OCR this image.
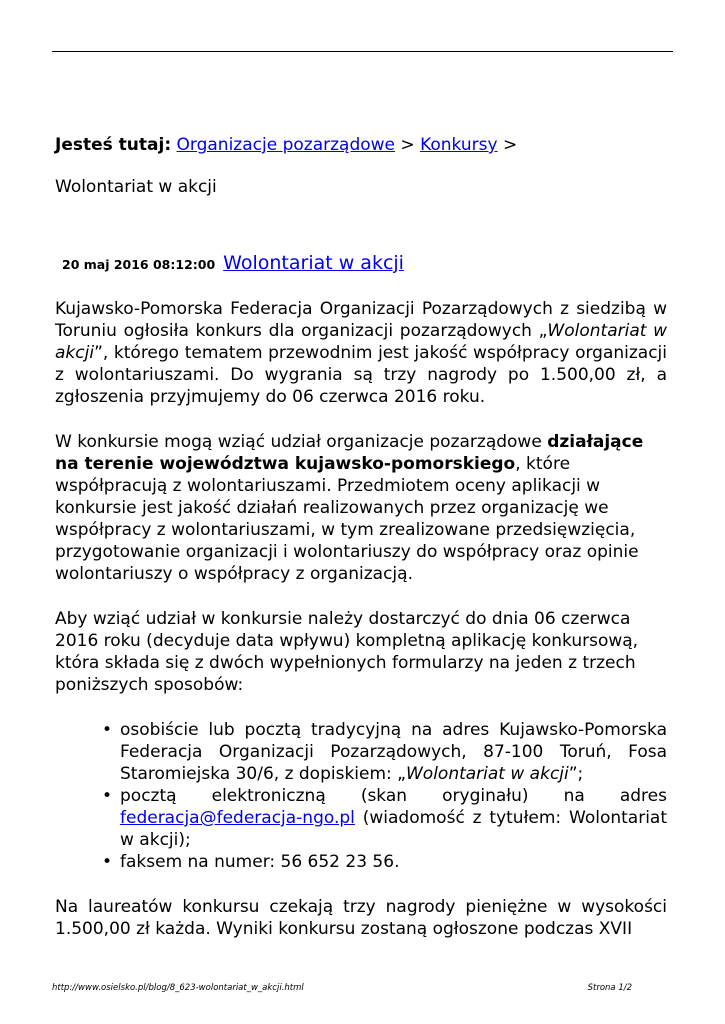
Jesteś tutaj: Organizacje pozarządowe > Konkursy >

Wolontariat w akcji
20 maj 2016 08:12:00 Wolontariat w akcji

Kujawsko-Pomorska Federacja Organizacji Pozarządowych z siedzibą w Toruniu ogłosiła konkurs dla organizacji pozarządowych „Wolontariat w akcji”, którego tematem przewodnim jest jakość współpracy organizacji z wolontariuszami. Do wygrania są trzy nagrody po 1.500,00 zł, a zgłoszenia przyjmujemy do 06 czerwca 2016 roku.

W konkursie mogą wziąć udział organizacje pozarządowe działające na terenie województwa kujawsko-pomorskiego, które współpracują z wolontariuszami. Przedmiotem oceny aplikacji w konkursie jest jakość działań realizowanych przez organizację we współpracy z wolontariuszami, w tym zrealizowane przedsięwzięcia, przygotowanie organizacji i wolontariuszy do współpracy oraz opinie wolontariuszy o współpracy z organizacją.

Aby wziąć udział w konkursie należy dostarczyć do dnia 06 czerwca 2016 roku (decyduje data wpływu) kompletną aplikację konkursową, która składa się z dwóch wypełnionych formularzy na jeden z trzech poniższych sposobów:

• osobiście lub pocztą tradycyjną na adres Kujawsko-Pomorska Federacja Organizacji Pozarządowych, 87-100 Toruń, Fosa Staromiejska 30/6, z dopiskiem: „Wolontariat w akcji”;
• pocztą elektroniczną (skan oryginału) na adres federacja@federacja-ngo.pl (wiadomość z tytułem: Wolontariat w akcji);
• faksem na numer: 56 652 23 56.

Na laureatów konkursu czekają trzy nagrody pieniężne w wysokości 1.500,00 zł każda. Wyniki konkursu zostaną ogłoszone podczas XVII

http://www.osielsko.pl/blog/8_623-wolontariat_w_akcji.html	Strona 1/2
